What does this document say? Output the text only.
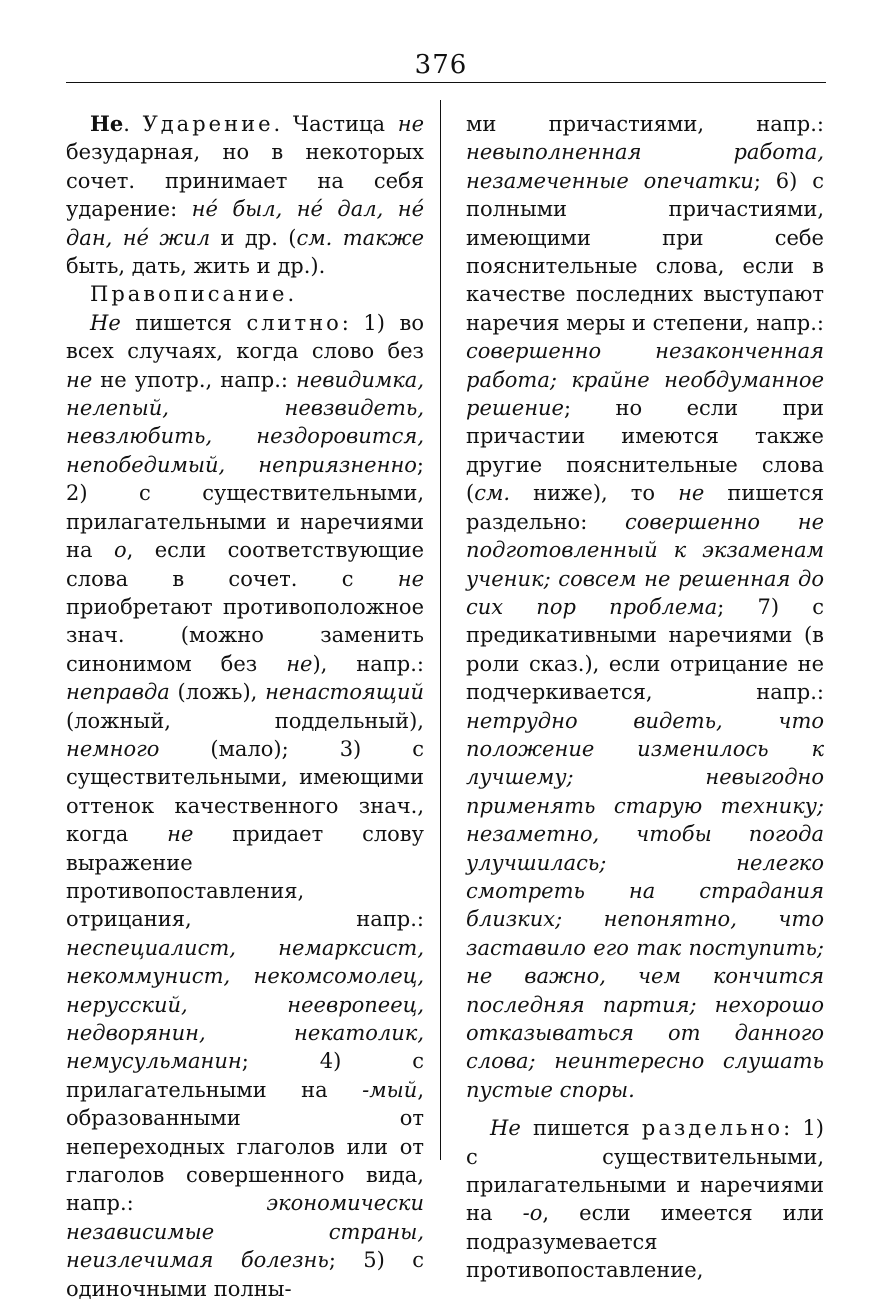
376

Не. Ударение. Частица не безударная, но в некоторых сочет. принимает на себя ударение: нé был, нé дал, нé дан, нé жил и др. (см. также быть, дать, жить и др.).

Правописание.

Не пишется слитно: 1) во всех случаях, когда слово без не не употр., напр.: невидимка, нелепый, невзвидеть, невзлюбить, нездоровится, непобедимый, неприязненно; 2) с существительными, прилагательными и наречиями на о, если соответствующие слова в сочет. с не приобретают противоположное знач. (можно заменить синонимом без не), напр.: неправда (ложь), ненастоящий (ложный, поддельный), немного (мало); 3) с существительными, имеющими оттенок качественного знач., когда не придает слову выражение противопоставления, отрицания, напр.: неспециалист, немарксист, некоммунист, некомсомолец, нерусский, неевропеец, недворянин, некатолик, немусульманин; 4) с прилагательными на -мый, образованными от непереходных глаголов или от глаголов совершенного вида, напр.: экономически независимые страны, неизлечимая болезнь; 5) с одиночными полны-

ми причастиями, напр.: невыполненная работа, незамеченные опечатки; 6) с полными причастиями, имеющими при себе пояснительные слова, если в качестве последних выступают наречия меры и степени, напр.: совершенно незаконченная работа; крайне необдуманное решение; но если при причастии имеются также другие пояснительные слова (см. ниже), то не пишется раздельно: совершенно не подготовленный к экзаменам ученик; совсем не решенная до сих пор проблема; 7) с предикативными наречиями (в роли сказ.), если отрицание не подчеркивается, напр.: нетрудно видеть, что положение изменилось к лучшему; невыгодно применять старую технику; незаметно, чтобы погода улучшилась; нелегко смотреть на страдания близких; непонятно, что заставило его так поступить; не важно, чем кончится последняя партия; нехорошо отказываться от данного слова; неинтересно слушать пустые споры.

Не пишется раздельно: 1) с существительными, прилагательными и наречиями на -о, если имеется или подразумевается противопоставление,
